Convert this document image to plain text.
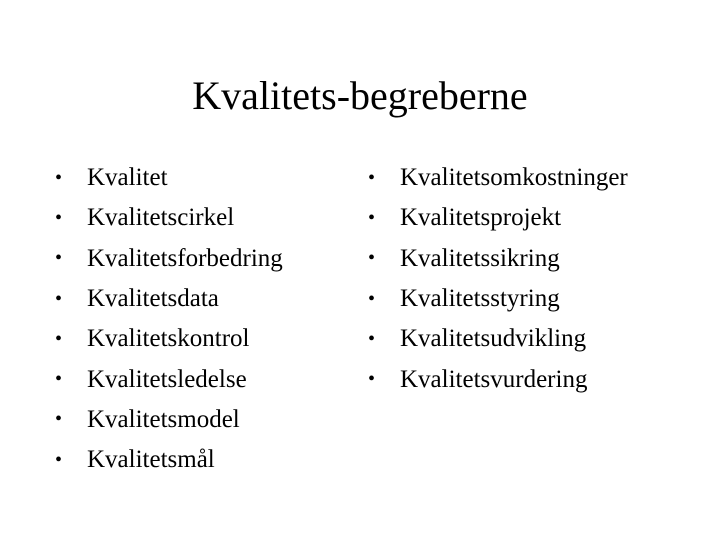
Kvalitets-begreberne
• Kvalitet
• Kvalitetscirkel
• Kvalitetsforbedring
• Kvalitetsdata
• Kvalitetskontrol
• Kvalitetsledelse
• Kvalitetsmodel
• Kvalitetsmål
• Kvalitetsomkostninger
• Kvalitetsprojekt
• Kvalitetssikring
• Kvalitetsstyring
• Kvalitetsudvikling
• Kvalitetsvurdering
